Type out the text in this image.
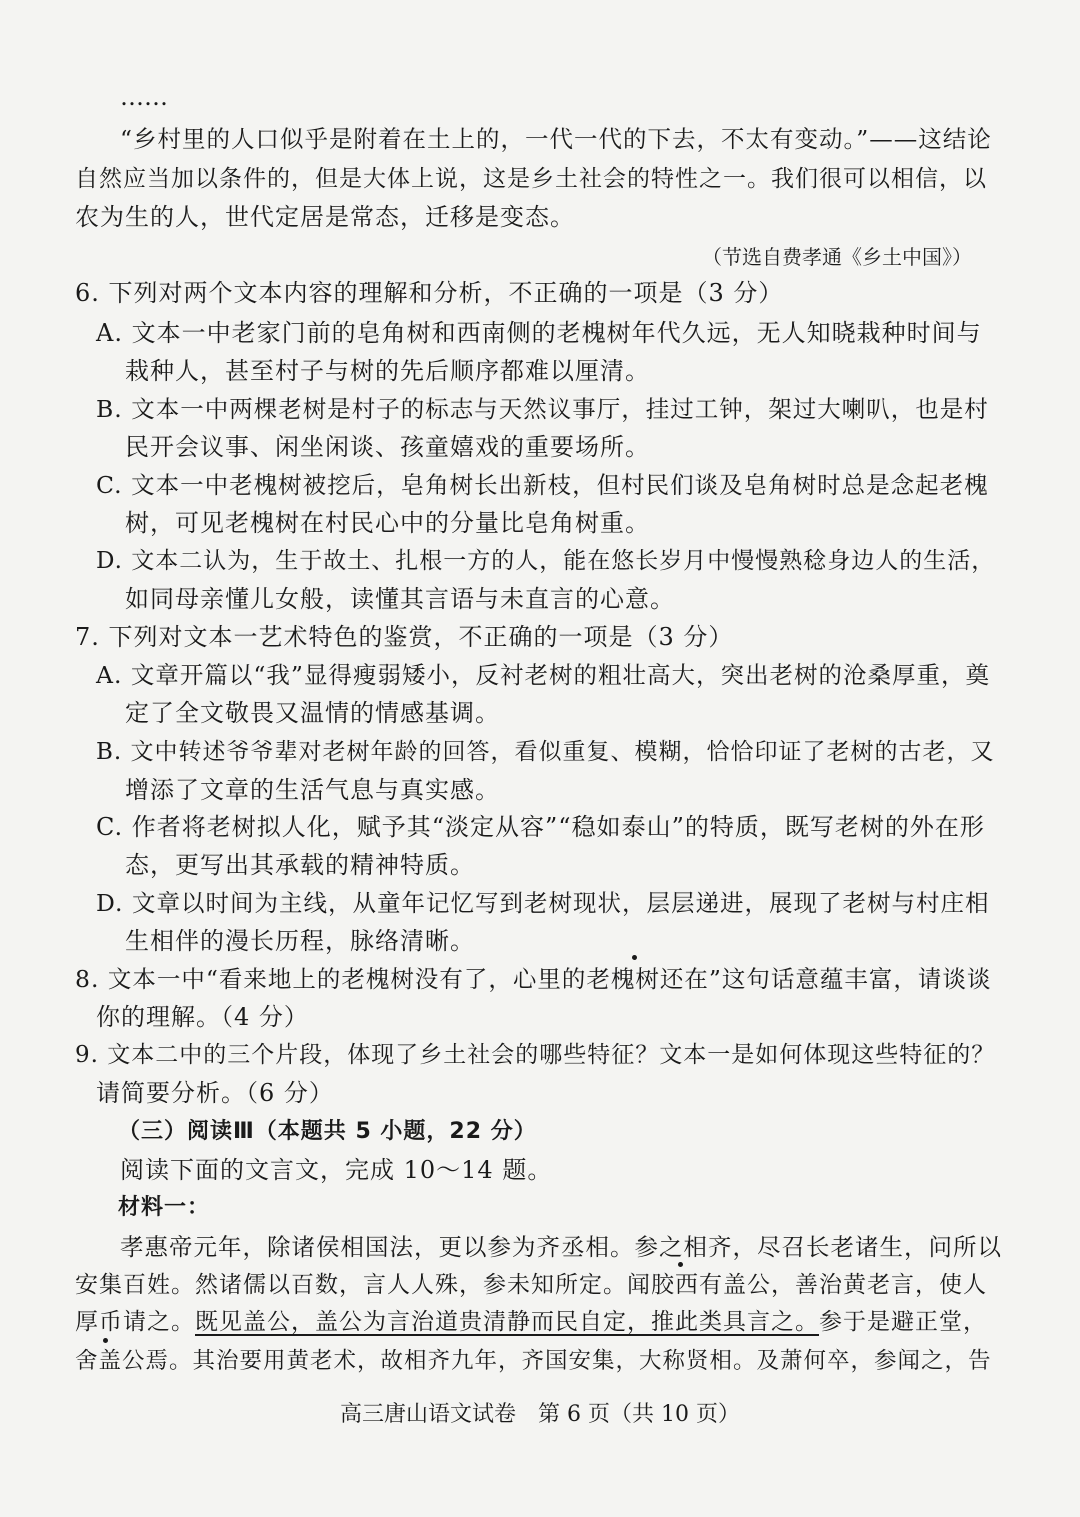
……
“乡村里的人口似乎是附着在土上的，一代一代的下去，不太有变动。”——这结论
自然应当加以条件的，但是大体上说，这是乡土社会的特性之一。我们很可以相信，以
农为生的人，世代定居是常态，迁移是变态。
（节选自费孝通《乡土中国》）
6. 下列对两个文本内容的理解和分析，不正确的一项是（3 分）
A. 文本一中老家门前的皂角树和西南侧的老槐树年代久远，无人知晓栽种时间与
栽种人，甚至村子与树的先后顺序都难以厘清。
B. 文本一中两棵老树是村子的标志与天然议事厅，挂过工钟，架过大喇叭，也是村
民开会议事、闲坐闲谈、孩童嬉戏的重要场所。
C. 文本一中老槐树被挖后，皂角树长出新枝，但村民们谈及皂角树时总是念起老槐
树，可见老槐树在村民心中的分量比皂角树重。
D. 文本二认为，生于故土、扎根一方的人，能在悠长岁月中慢慢熟稔身边人的生活，
如同母亲懂儿女般，读懂其言语与未直言的心意。
7. 下列对文本一艺术特色的鉴赏，不正确的一项是（3 分）
A. 文章开篇以“我”显得瘦弱矮小，反衬老树的粗壮高大，突出老树的沧桑厚重，奠
定了全文敬畏又温情的情感基调。
B. 文中转述爷爷辈对老树年龄的回答，看似重复、模糊，恰恰印证了老树的古老，又
增添了文章的生活气息与真实感。
C. 作者将老树拟人化，赋予其“淡定从容”“稳如泰山”的特质，既写老树的外在形
态，更写出其承载的精神特质。
D. 文章以时间为主线，从童年记忆写到老树现状，层层递进，展现了老树与村庄相
生相伴的漫长历程，脉络清晰。
8. 文本一中“看来地上的老槐树没有了，心里的老槐树还在”这句话意蕴丰富，请谈谈
你的理解。（4 分）
9. 文本二中的三个片段，体现了乡土社会的哪些特征？文本一是如何体现这些特征的？
请简要分析。（6 分）
（三）阅读Ⅲ（本题共 5 小题，22 分）
阅读下面的文言文，完成 10～14 题。
材料一：
孝惠帝元年，除诸侯相国法，更以参为齐丞相。参之相齐，尽召长老诸生，问所以
安集百姓。然诸儒以百数，言人人殊，参未知所定。闻胶西有盖公，善治黄老言，使人
厚币请之。既见盖公，盖公为言治道贵清静而民自定，推此类具言之。参于是避正堂，
舍盖公焉。其治要用黄老术，故相齐九年，齐国安集，大称贤相。及萧何卒，参闻之，告
高三唐山语文试卷　第 6 页（共 10 页）
